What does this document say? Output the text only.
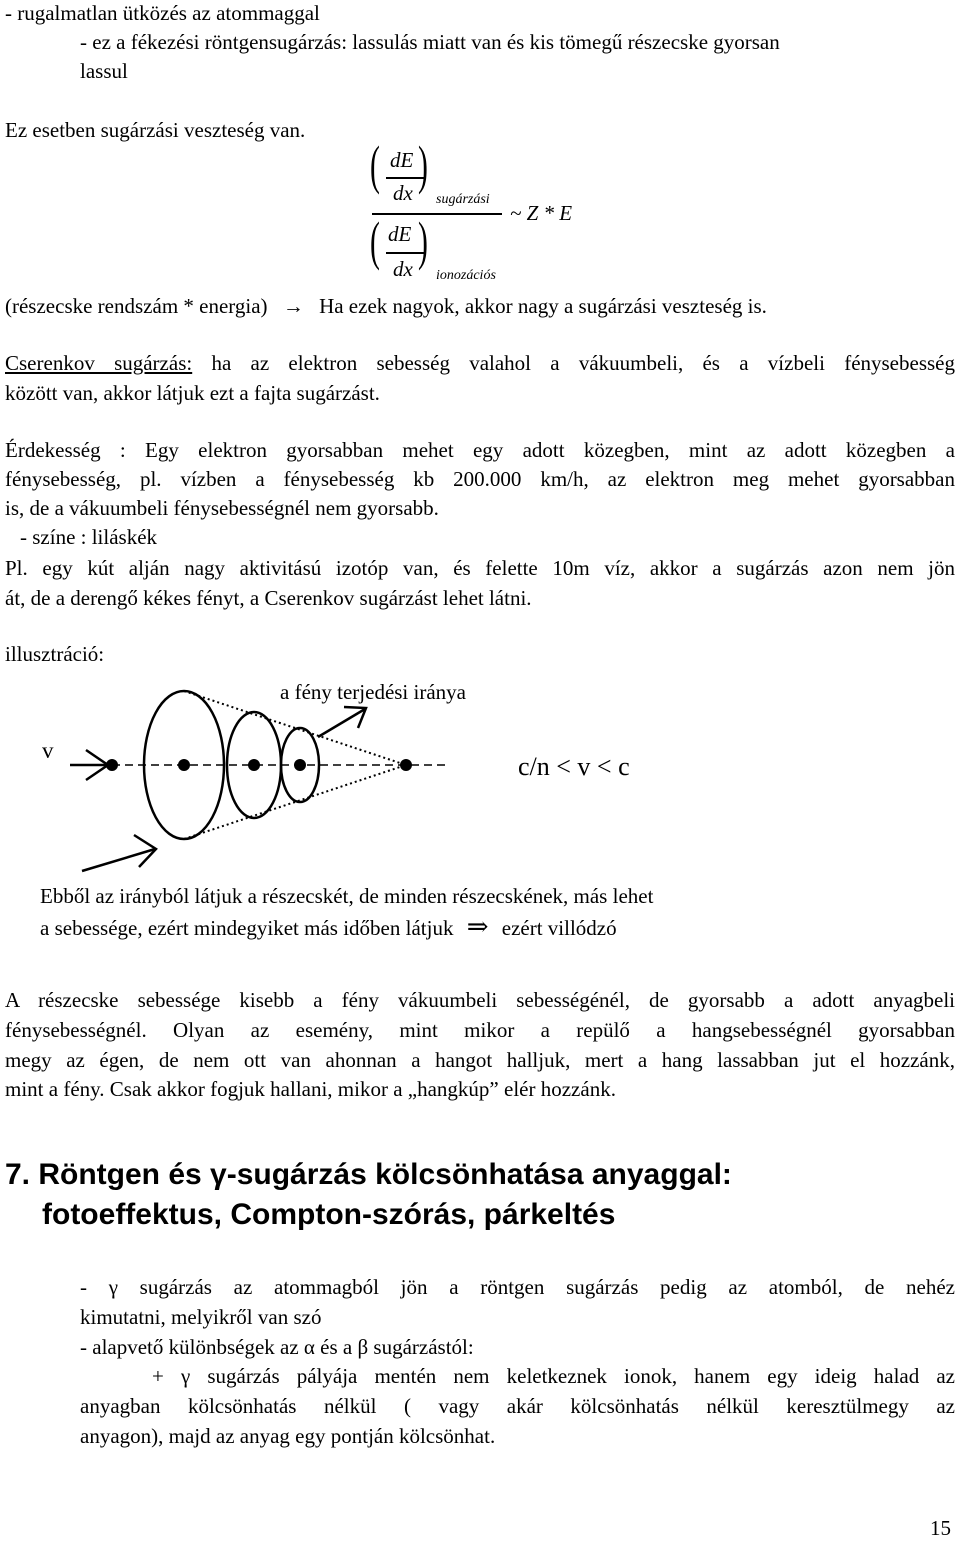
- rugalmatlan ütközés az atommaggal
- ez a fékezési röntgensugárzás: lassulás miatt van és kis tömegű részecske gyorsan
lassul
Ez esetben sugárzási veszteség van.
( dE
dx )
sugárzási
~ Z * E
( dE
dx )
ionozációs
(részecske rendszám * energia) → Ha ezek nagyok, akkor nagy a sugárzási veszteség is.
Cserenkov sugárzás: ha az elektron sebesség valahol a vákuumbeli, és a vízbeli fénysebesség
között van, akkor látjuk ezt a fajta sugárzást.
Érdekesség : Egy elektron gyorsabban mehet egy adott közegben, mint az adott közegben a
fénysebesség, pl. vízben a fénysebesség kb 200.000 km/h, az elektron meg mehet gyorsabban
is, de a vákuumbeli fénysebességnél nem gyorsabb.
- színe : liláskék
Pl. egy kút alján nagy aktivitású izotóp van, és felette 10m víz, akkor a sugárzás azon nem jön
át, de a derengő kékes fényt, a Cserenkov sugárzást lehet látni.
illusztráció:
a fény terjedési iránya
v
c/n < v < c
Ebből az irányból látjuk a részecskét, de minden részecskének, más lehet
a sebessége, ezért mindegyiket más időben látjuk ⇒ ezért villódzó
A részecske sebessége kisebb a fény vákuumbeli sebességénél, de gyorsabb a adott anyagbeli
fénysebességnél. Olyan az esemény, mint mikor a repülő a hangsebességnél gyorsabban
megy az égen, de nem ott van ahonnan a hangot halljuk, mert a hang lassabban jut el hozzánk,
mint a fény. Csak akkor fogjuk hallani, mikor a „hangkúp” elér hozzánk.
7. Röntgen és γ-sugárzás kölcsönhatása anyaggal:
fotoeffektus, Compton-szórás, párkeltés
- γ sugárzás az atommagból jön a röntgen sugárzás pedig az atomból, de nehéz
kimutatni, melyikről van szó
- alapvető különbségek az α és a β sugárzástól:
+ γ sugárzás pályája mentén nem keletkeznek ionok, hanem egy ideig halad az
anyagban kölcsönhatás nélkül ( vagy akár kölcsönhatás nélkül keresztülmegy az
anyagon), majd az anyag egy pontján kölcsönhat.
15
